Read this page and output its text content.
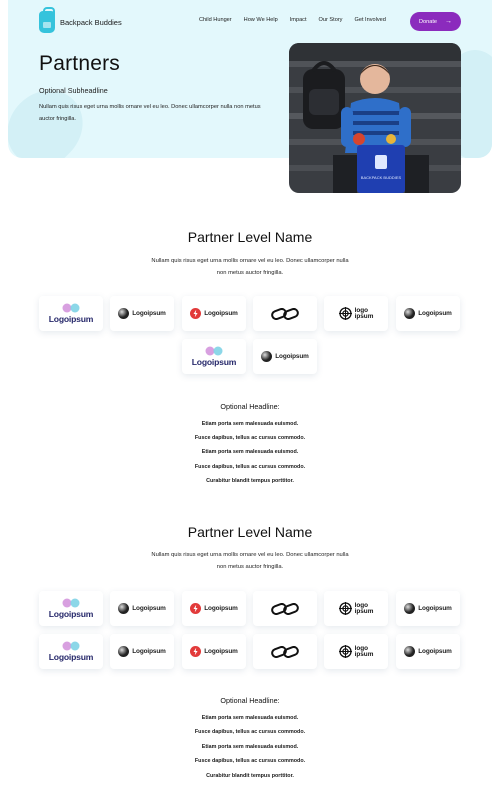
Backpack Buddies	Child Hunger How We Help Impact Our Story Get Involved	Donate →
Partners
Optional Subheadline

Nullam quis risus eget urna mollis ornare vel eu leo. Donec ullamcorper nulla non metus auctor fringilla.

BACKPACK BUDDIES
Partner Level Name

Nullam quis risus eget urna mollis ornare vel eu leo. Donec ullamcorper nulla non metus auctor fringilla.

Logoipsum
Logoipsum	Logoipsum	logo
ipsum	Logoipsum
Logoipsum
Logoipsum
Optional Headline:
Etiam porta sem malesuada euismod.
Fusce dapibus, tellus ac cursus commodo.
Etiam porta sem malesuada euismod.
Fusce dapibus, tellus ac cursus commodo.
Curabitur blandit tempus porttitor.
Partner Level Name

Nullam quis risus eget urna mollis ornare vel eu leo. Donec ullamcorper nulla non metus auctor fringilla.

Logoipsum
Logoipsum	Logoipsum	logo
ipsum	Logoipsum
Logoipsum
Logoipsum	Logoipsum	logo
ipsum	Logoipsum
Optional Headline:
Etiam porta sem malesuada euismod.
Fusce dapibus, tellus ac cursus commodo.
Etiam porta sem malesuada euismod.
Fusce dapibus, tellus ac cursus commodo.
Curabitur blandit tempus porttitor.
